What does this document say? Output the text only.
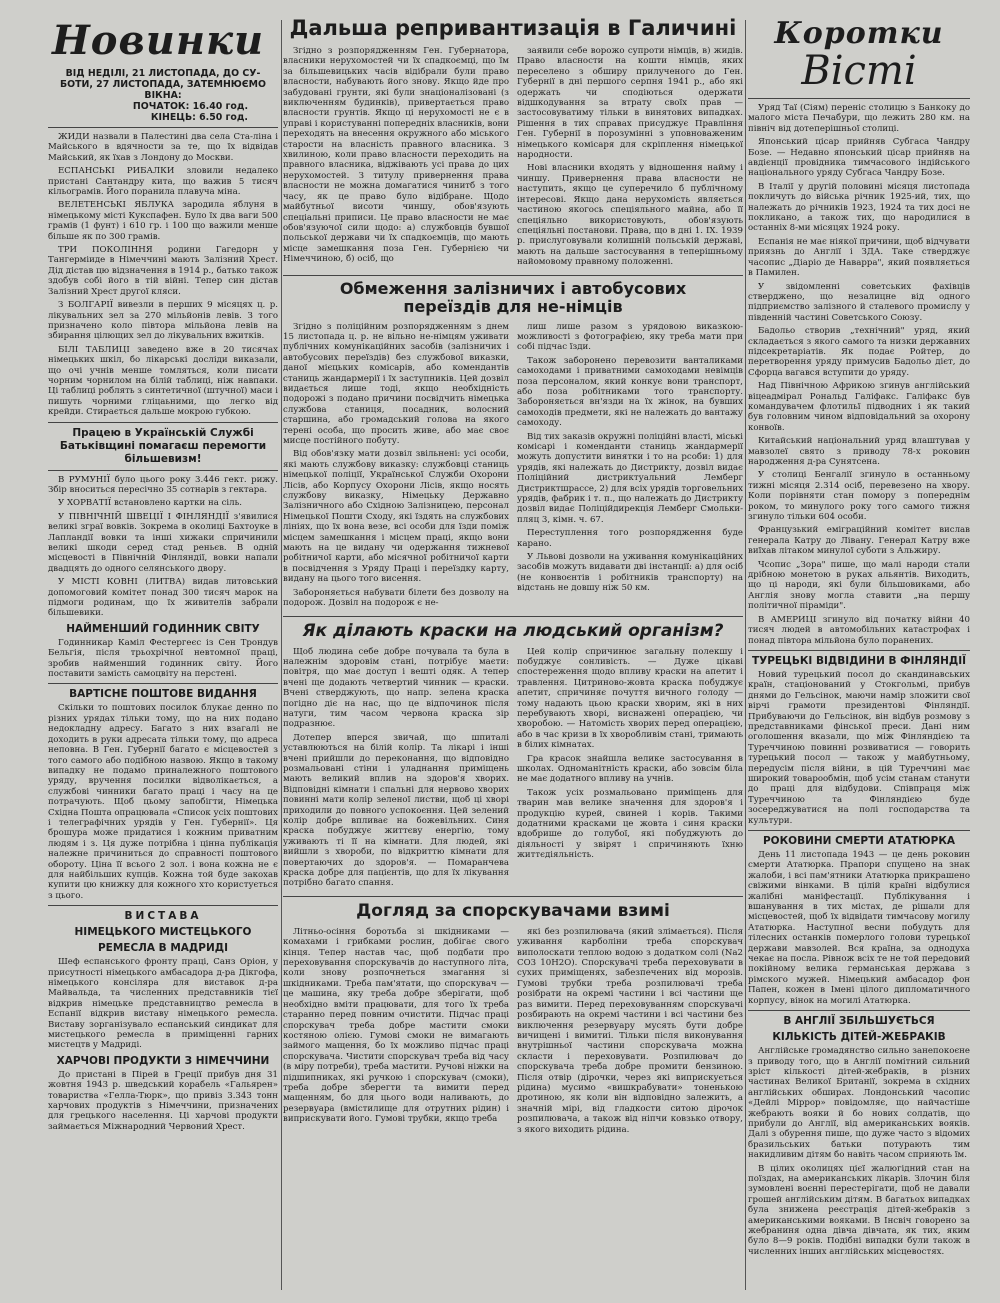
Новинки
ВІД НЕДІЛІ, 21 ЛИСТОПАДА, ДО СУ-
БОТИ, 27 ЛИСТОПАДА, ЗАТЕМНЮЄМО
ВІКНА:
ПОЧАТОК: 16.40 год.
КІНЕЦЬ: 6.50 год.

ЖИДИ назвали в Палестині два села Ста-ліна і Майського в вдячности за те, що їх відвідав Майський, як їхав з Лондону до Москви.

ЕСПАНСЬКІ РИБАЛКИ зловили недалеко пристані Сантандру кита, що важив 5 тисяч кільограмів. Його поранила плавуча міна.

ВЕЛЕТЕНСЬКІ ЯБЛУКА зародила яблуня в німецькому місті Кукспафен. Було їх два ваги 500 грамів (1 фунт) і 610 гр. і 100 що важили менше більше як по 300 грамів.

ТРИ ПОКОЛІННЯ родини Гагедорн у Тангерміиде в Німеччині мають Залізний Хрест. Дід дістав цю відзначення в 1914 р., батько також здобув собі його в тій війні. Тепер син дістав Залізний Хрест другої кляси.

З БОЛГАРІЇ вивезли в перших 9 місяцях ц. р. лікувальних зел за 270 мільйонів левів. З того призначено коло півтора мільйона левів на збирання цілющих зел до лікувальних вжитків.

БІЛІ ТАБЛИЦІ заведено вже в 20 тисячах німецьких шкіл, бо лікарські досліди виказали, що очі учнів менше томляться, коли писати чорним чорнилом на білій таблиці, ніж навпаки. Ці таблиці роблять з синтетичної (штучної) маси і пишуть чорними гліцаьними, що легко від крейди. Стирається дальше мокрою губкою.

Працею в Українській Службі Батьківщині помагаєш перемогти більшевизм!

В РУМУНІЇ було цього року 3.446 гект. рижу. Збір вноситься пересічно 35 сотнарів з гектара.

У ХОРВАТІЇ встановлено картки на сіль.

У ПІВНІЧНІЙ ШВЕЦІЇ І ФІНЛЯНДІЇ з'явилися великі зграї вовків. Зокрема в околиці Бахтоуке в Лапландії вовки та інші хижаки спричинили великі шкоди серед стад реньєв. В одній місцевості в Північній Фінляндії, вовки напали двадцять до одного селянського двору.

У МІСТІ КОВНІ (ЛИТВА) видав литовський допомоговий комітет понад 300 тисяч марок на підмоги родинам, що їх живителів забрали більшевики.

НАЙМЕНШИЙ ГОДИННИК СВІТУ

Годинникар Каміл Фестергеєс із Сен Трондув Бельгія, після трьохрічної невтомної праці, зробив найменший годинник світу. Його поставити замість самоцвіту на перстені.

ВАРТІСНЕ ПОШТОВЕ ВИДАННЯ

Скільки то поштових посилок блукає денно по різних урядах тільки тому, що на них подано недокладну адресу. Багато з них взагалі не доходить в руки адресата тільки тому, що адреса неповна. В Ген. Губернії багато є місцевостей з того самого або подібною назвою. Якщо в такому випадку не подамо принaлежного поштового уряду, вручення посилки відволікається, а службові чинники багато праці і часу на це потрачують. Щоб цьому запобігти, Німецька Східна Пошта опрацювала «Список усіх поштових і телеграфічних урядів у Ген. Губернії». Ця брошура може придатися і кожним приватним людям і з. Ця дуже потрібна і цінна публікація належне причиниться до справності поштового обороту. Ціна її всього 2 зол. і вона кожна не є для найбільших купців. Кожна той буде закохав купити цю книжку для кожного хто користується з цього.

ВИСТАВА
НІМЕЦЬКОГО МИСТЕЦЬКОГО
РЕМЕСЛА В МАДРИДІ

Шеф еспанського фронту праці, Санз Оріон, у присутності німецького амбасадора д-ра Дікгофа, німецького консіляра для виставок д-ра Майвальда, та численних представників тієї відкрив німецьке представництво ремесла в Еспанії відкрив виставу німецького ремесла. Виставу зорганізувало еспанський синдикат для мистецького ремесла в приміщенні гарних мистецтв у Мадриді.

ХАРЧОВІ ПРОДУКТИ З НІМЕЧЧИНИ

До пристані в Пірей в Греції прибув дня 31 жовтня 1943 р. шведський корабель «Гальярен» товариства «Гелла-Тюрк», що привіз 3.343 тонн харчових продуктів з Німеччини, призначених для грецького населення. Ці харчові продукти займається Міжнародний Червоний Хрест.

Дальша репривантизація в Галичині

Згідно з розпорядженням Ген. Губернатора, власники нерухомостей чи їх спадкоємці, що їм за більшевицьких часів відібрали були право власности, набувають його знову. Якщо йде про забудовані грунти, які були знаціоналізовані (з виключенням будинків), привертається право власности грунтів. Якщо ці нерухомості не є в управі і користуванні попередніх власників, вони переходять на внесення окружного або міського старости на власність правного власника. З хвилиною, коли право власности переходить на правного власника, віджівають усі права до цих нерухомостей. З титулу привернення права власности не можна домагатися чинитб з того часу, як це право було відібране. Щодо майбутньої висоти чиншу, обов'язують спеціальні приписи. Це право власности не має обов'язуючої сили щодо: а) службовців бувшої польської держави чи їх спадкоємців, що мають місце замешкання поза Ген. Губернією чи Німеччиною, б) осіб, що

заявили себе ворожо супроти німців, в) жидів. Право власности на кошти німців, яких переселено з обширу прилученого до Ген. Губернії в дні першого серпня 1941 р., або які одержать чи сподіються одержати відшкодування за втрату своїх прав — застосовуватиму тільки в винятових випадках. Рішення в тих справах присуджує Правління Ген. Губернії в порозумінні з уповноваженим німецького комісаря для скріплення німецької народности.

Нові власники входять у відношення найму і чиншу. Привернення права власности не наступить, якщо це суперечило б публічному інтересові. Якщо дана нерухомість являється частиною якогось спеціяльного майна, або її спеціяльно використовують, обов'язують спеціяльні постанови. Права, що в дні 1. IX. 1939 р. прислуговували колишній польській державі, мають на дальше застосування в теперішньому найомовому правному положенні.

Обмеження залізничих і автобусових
переїздів для не-німців

Згідно з поліційним розпорядженням з днем 15 листопада ц. р. не вільно не-німцям уживати публічних комунікаційних засобів (залізничих і автобусових переїздів) без службової виказки, даної мієцьких комісарів, або комендантів станиць жандармерії і їх заступників. Цей дозвіл видається лише тоді, якщо необхідність подорожі з подано причини посвідчить німецька службова станиця, посадник, волосний старшина, або громадський голова на якого терені особа, що просить живе, або має своє мисце постійного побуту.

Від обов'язку мати дозвіл звільнені: усі особи, які мають службову виказку: службовці станиць німецької поліції, Української Служби Охорони Лісів, або Корпусу Охорони Лісів, якщо носять службову виказку, Німецьку Державно Залізничного або Східною Залізницею, персонал Німецької Пошти Сходу, які їздять на службових лініях, що їх вона везе, всі особи для їзди поміж місцем замешкання і місцем праці, якщо вони мають на це видану чи одержання тижневої робітничої карти, або місячної робітничої карти в посвідчення з Уряду Праці і переїздку карту, видану на цього того висення.

Забороняється набувати білети без дозволу на подорож. Дозвіл на подорож є не-

лиш лише разом з урядовою виказкою-можливості з фотографією, яку треба мати при собі підчас їзди.

Також заборонено перевозити ванталиками самоходами і приватними самоходами невімців поза персоналом, який конкує вони транспорт, або поза робітниками того транспорту. Забороняється вн'язди на їх жінок, на бувших самоходів предмети, які не належать до вантажу самоходу.

Від тих заказів окружні поліційні власті, міські комісарі і коменданти станиць жандармерії можуть допустити винятки і то на рсоби: 1) для урядів, які належать до Дистрикту, дозвіл видає Поліційний дистриктуальний Лемберг Дистриктшрассе, 2) для всіх урядів торговельних урядів, фабрик і т. п., що належать до Дистрикту дозвіл видає Поліційдирекція Лемберг Смольки-пляц 3, кімн. ч. 67.

Переступлення того розпорядження буде карано.

У Львові дозволи на уживання комунікаційних засобів можуть видавати дві інстанції: а) для осіб (не конвоєнтів і робітників транспорту) на відстань не довшу ніж 50 км.

Як ділають краски на людський організм?

Щоб людина себе добре почувала та була в належнім здоровім стані, потрібує маєти: повітря, що має доступ і вешті одяк. А тепер вчені ще додають четвертий чинник — краски. Вчені стверджують, що напр. зелена краска погідно діє на нас, що це відпочинок після натуги, тим часом червона краска зір подразнює.

Дотепер вперся звичай, що шпиталі уставлюються на білій колір. Та лікарі і інші вчені прийшли до переконання, що відповідно розмальовані стіни і уладнання приміщень мають великий вплив на здоров'я хворих. Відповідні кімнати і спальні для нервово хворих повинні мати колір зеленої листви, щоб ці хворі приходили до повного успокоєння. Цей зелений колір добре впливає на божевільних. Синя краска побуджує життєву енергію, тому уживають ті її на кімнати. Для людей, які вийшли з хвороби, по відкриттю кімнати для повертаючих до здоров'я. — Помаранчева краска добре для пацієнтів, що для їх лікування потрібно багато спання.

Цей колір спричинює загальну полекшу і побуджує сонливість. — Дуже цікаві спостереження щодо впливу краски на апетит і травлення. Цитриново-жовта краска побуджує апетит, спричиняє почуття вичного голоду — тому надають цьою краски хворим, які в них перебувають хворі, виснажені операцією, чи хворобою. — Натомість хворих перед операцією, або в час кризи в їх хворобливім стані, тримають в білих кімнатах.

Гра красок знайшла велике застосування в школах. Одноманітність краски, або зовсім біла не має додатного впливу на учнів.

Також усіх розмальовано приміщень для тварин мав велике значення для здоров'я і продукцію курей, свиней і корів. Такими додатними красками це жовта і синя краски вдобрише до голубої, які побуджують до діяльності у звірят і спричиняють їхню життєдіяльність.

Догляд за спорскувачами взимі

Літньо-осіння боротьба зі шкідниками — комахами і грибками рослин, добігає свого кінця. Тепер настав час, щоб подбати про переховування спорскувачів до наступного літа, коли знову розпочнеться змагання зі шкідниками. Треба пам'ятати, що спорскувач — це машина, яку треба добре зберігати, щоб необхідно вміти працювати, для того їх треба старанно перед повним очистити. Підчас праці спорскувач треба добре мастити смоки костяною олією. Гумові смоки не вимагають займого мащення, бо їх можливо підчас праці спорскувача. Чистити спорскувач треба від часу (в міру потреби), треба мастити. Ручові ніжки на підшипниках, які ручкою і спорскувач (смоки), треба добре зберегти та вимити перед мащенням, бо для цього води наливають, до резервуара (вмістилище для отрутних рідин) і виприскувати його. Гумові трубки, якщо треба

які без розпилювача (який злімається). Після уживання карболіни треба спорскувач виполоскати теплою водою з додатком солі (Na2 CO3 10H2O). Спорскувачі треба переховувати в сухих приміщенях, забезпечених від морозів. Гумові трубки треба розпилювачі треба розібрати на окремі частини і всі частини ще раз вимити. Перед переховуванням спорскувачі розбирають на окремі частини і всі частини без виключення резервуару мусять бути добре вичищені і вимитиі. Тільки після виконування внутрішньої частини спорскувача можна скласти і переховувати. Розпилювач до спорскувача треба добре промити бензиною. Після отвір (дірочки, через які виприскується рідина) мусимо «вишкрабувати» тоненькою дротиною, як коли він відповідно залежить, а значній мірі, від гладкости ситою дірочок розпилювача, а також від ніпчи ковзько отвору, з якого виходить рідина.

Коротки
Вісті

Уряд Таї (Сіям) переніс столицю з Банкоку до малого міста Печабури, що лежить 280 км. на північ від дотеперішньої столиці.

Японський цісар прийняв Субгаса Чандру Бозе. — Недавно японський цісар прийняв на авдієнції провідника тимчасового індійського національного уряду Субгаса Чандру Бозе.

В Італії у другій половині місяця листопада покличуть до війська річник 1925-ий, тих, що належать до річників 1923, 1924 та тих досі не покликано, а також тих, що народилися в останніх 8-ми місяцях 1924 року.

Еспанія не має ніякої причини, щоб відчувати приязнь до Англії і ЗДА. Таке стверджує часопис „Діаріо де Наварра", який появляється в Памилен.

У звідомленні советських фахівців стверджено, що незалицне від одного підприємство залізного й стaлевого промислу у південній частині Советського Союзу.

Бадольо створив „технічний" уряд, який складається з якого самого та низки державних підсекретаріатів. Як подає Ройтер, до перетворення уряду примусив Бадольо дієт, до Сфорца вагався вступити до уряду.

Над Північною Африкою згинув англійський віцеадмірал Рональд Галіфакс. Галіфакс був командувачем флотильї підводних і як такий був головним чином відповідальний за охорону конвоїв.

Китайський національний уряд влаштував у мавзолеї свято з приводу 78-х роковин народження д-ра Сунятсена.

У столиці Бенгалії згинуло в останньому тижні місяця 2.314 осіб, перевезено на хвору. Коли порівняти стан помору з попереднім роком, то минулого року того самого тижня згинуло тільки 604 особи.

Французький еміграційний комітет вислав генерала Катру до Лівану. Генерал Катру вже виїхав літаком минулої суботи з Альжиру.

Чсопис „Зора" пише, що малі народи стали дрібною монетою в руках альянтів. Виходить, що ці народи, які були більшовиками, або Англія знову могла ставити „на першу політичної піраміди".

В АМЕРИЦІ згинуло від початку війни 40 тисяч людей в автомобільних катастрофах і понад півтора мільйона було поранених.

ТУРЕЦЬКІ ВІДВІДИНИ В ФІНЛЯНДІЇ

Новий турецький посол до скандинавських країн, стаціонований у Стокгольмі, прибув днями до Гельсінок, маючи намір зложити свої вірчі грамоти президентові Фінляндії. Прибуваючи до Гельсінок, він відбув розмову з представниками фінської преси. Дані ним оголошення вказали, що між Фінляндією та Туреччиною повинні розвиватися — говорить турецький посол — також у майбутньому, передусім після війни, в цій Туреччині має широкий товарообмін, щоб усім станам станути до праці для відбудови. Співпраця між Туреччиною та Фінляндією буде зосереджуватися на полі господарства та культури.

РОКОВИНИ СМЕРТИ АТАТЮРКА

День 11 листопада 1943 — це день роковин смерти Ататюрка. Прапори спущено на знак жалоби, і всі пам'ятники Ататюрка прикрашено свіжими вінками. В цілій країні відбулися жалібні маніфестації. Публікування і вшанування в тих містах, де рішали для місцевостей, щоб їх відвідати тимчасову могилу Ататюрка. Наступної весни побудуть для тілесних останків померлого голови турецької держави мавзолей. Вся країна, за однодуха чекає на посла. Рівнож всіх те не той передовий покійному велика германськая держава з рімского мужей. Німецький амбасадор фон Папен, кожен в Імені цілого дипломатичного корпусу, вінок на могилі Ататюрка.

В АНГЛІЇ ЗБІЛЬШУЄТЬСЯ
КІЛЬКІСТЬ ДІТЕЙ-ЖЕБРАКІВ

Англійське громадянство сильно занепокоєне з приводу того, що в Англії помітний сильний зріст кількості дітей-жебраків, в різних частинах Великої Британії, зокрема в східних англійських обширах. Лондонський часопис «Дейлі Міррор» повідомляє, що найчастіше жебрають вояки й бо нових солдатів, що прибули до Англії, від американських вояків. Далі з обурення пише, що дуже часто з відомих бразильських батьки потурають тим накидливим дітям бо навіть часом сприяють їм.

В цілих околицях цієї жалюгідний стан на поїздах, на американських лікарів. Злочин біля зумовлені воєнні перестерігати, щоб не давали грошей англійським дітям. В багатьох випадках була знижена реєстрація дітей-жебраків з американськими вояками. В Інсвіч говорено за жебраниня одна дівча дівчата, як тих, яким було 8—9 років. Подібні випадки були також в численних інших англійських місцевостях.
